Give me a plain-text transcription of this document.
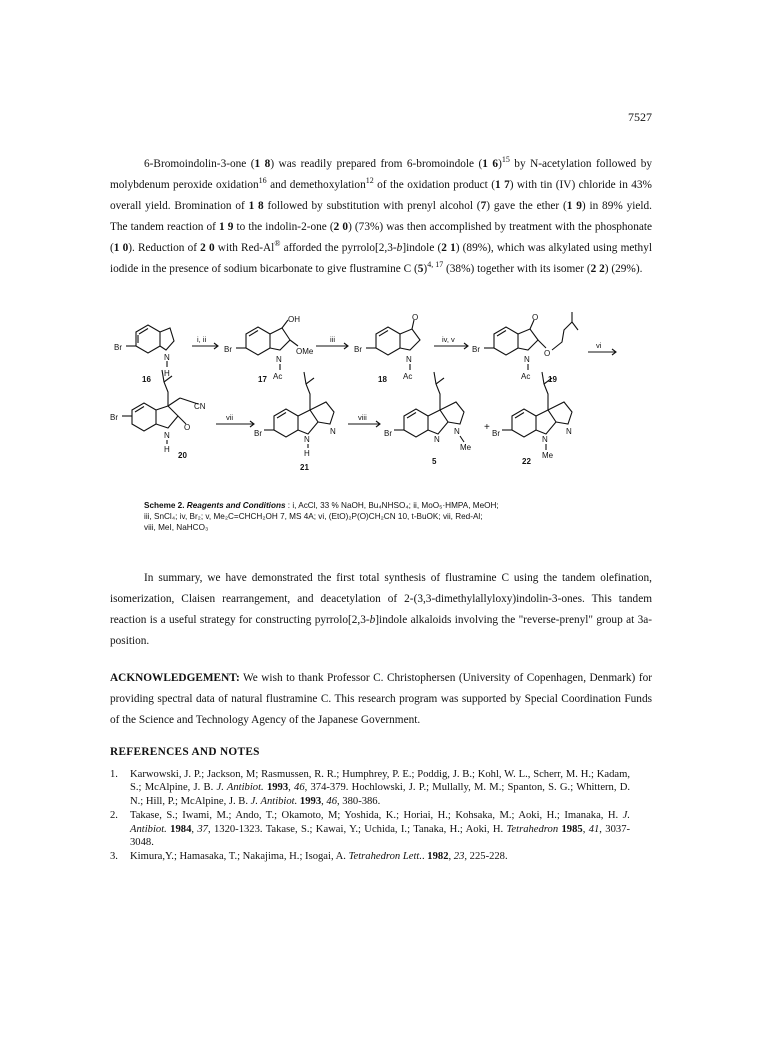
7527

6-Bromoindolin-3-one (1 8) was readily prepared from 6-bromoindole (1 6)$^{15}$ by N-acetylation followed by molybdenum peroxide oxidation$^{16}$ and demethoxylation$^{12}$ of the oxidation product (1 7) with tin (IV) chloride in 43% overall yield. Bromination of 1 8 followed by substitution with prenyl alcohol (7) gave the ether (1 9) in 89% yield. The tandem reaction of 1 9 to the indolin-2-one (2 0) (73%) was then accomplished by treatment with the phosphonate (1 0). Reduction of 2 0 with Red-Al® afforded the pyrrolo[2,3-b]indole (2 1) (89%), which was alkylated using methyl iodide in the presence of sodium bicarbonate to give flustramine C $(5)^{4, 17}$ (38%) together with its isomer (2 2) (29%).

Br
N
H
16
i, ii
OH
OMe
Br
N
Ac
17
iii
O
Br
N
Ac
18
iv, v
O
O
Br
N
Ac 19
vi
CN
O
Br
N
H
20
vii
N
Br
N
H
21
viii
N
Me
Br
N
5
+	N
Br
N
Me
22
Scheme 2. Reagents and Conditions : i, AcCl, 33 % NaOH, Bu₄NHSO₄; ii, MoO₅·HMPA, MeOH;
iii, SnCl₄; iv, Br₂; v, Me₂C=CHCH₂OH 7, MS 4A; vi, (EtO)₂P(O)CH₂CN 10, t-BuOK; vii, Red-Al;
viii, MeI, NaHCO₃

In summary, we have demonstrated the first total synthesis of flustramine C using the tandem olefination, isomerization, Claisen rearrangement, and deacetylation of 2-(3,3-dimethylallyloxy)indolin-3-ones. This tandem reaction is a useful strategy for constructing pyrrolo[2,3-b]indole alkaloids involving the "reverse-prenyl" group at 3a-position.

ACKNOWLEDGEMENT: We wish to thank Professor C. Christophersen (University of Copenhagen, Denmark) for providing spectral data of natural flustramine C. This research program was supported by Special Coordination Funds of the Science and Technology Agency of the Japanese Government.

REFERENCES AND NOTES
1. Karwowski, J. P.; Jackson, M; Rasmussen, R. R.; Humphrey, P. E.; Poddig, J. B.; Kohl, W. L., Scherr, M. H.; Kadam, S.; McAlpine, J. B. J. Antibiot. 1993, 46, 374-379. Hochlowski, J. P.; Mullally, M. M.; Spanton, S. G.; Whittern, D. N.; Hill, P.; McAlpine, J. B. J. Antibiot. 1993, 46, 380-386.
2. Takase, S.; Iwami, M.; Ando, T.; Okamoto, M; Yoshida, K.; Horiai, H.; Kohsaka, M.; Aoki, H.; Imanaka, H. J. Antibiot. 1984, 37, 1320-1323. Takase, S.; Kawai, Y.; Uchida, I.; Tanaka, H.; Aoki, H. Tetrahedron 1985, 41, 3037-3048.
3. Kimura,Y.; Hamasaka, T.; Nakajima, H.; Isogai, A. Tetrahedron Lett.. 1982, 23, 225-228.
